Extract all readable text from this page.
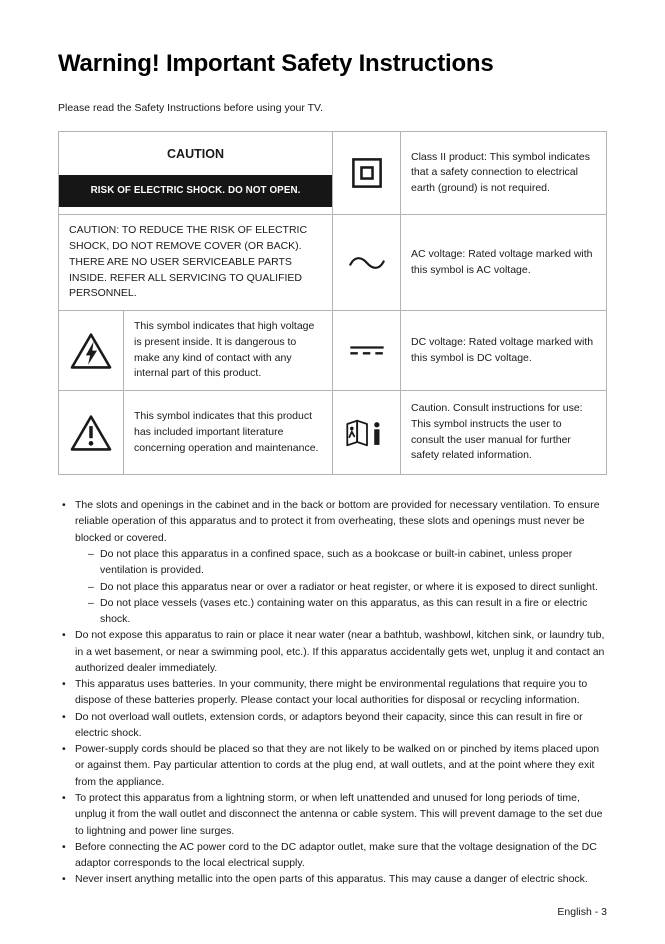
Warning! Important Safety Instructions

Please read the Safety Instructions before using your TV.

CAUTION
RISK OF ELECTRIC SHOCK. DO NOT OPEN.			Class II product: This symbol indicates that a safety connection to electrical earth (ground) is not required.
CAUTION: TO REDUCE THE RISK OF ELECTRIC SHOCK, DO NOT REMOVE COVER (OR BACK). THERE ARE NO USER SERVICEABLE PARTS INSIDE. REFER ALL SERVICING TO QUALIFIED PERSONNEL.			AC voltage: Rated voltage marked with this symbol is AC voltage.
	This symbol indicates that high voltage is present inside. It is dangerous to make any kind of contact with any internal part of this product.		DC voltage: Rated voltage marked with this symbol is DC voltage.
	This symbol indicates that this product has included important literature concerning operation and maintenance.		Caution. Consult instructions for use: This symbol instructs the user to consult the user manual for further safety related information.
• The slots and openings in the cabinet and in the back or bottom are provided for necessary ventilation. To ensure reliable operation of this apparatus and to protect it from overheating, these slots and openings must never be blocked or covered.
– Do not place this apparatus in a confined space, such as a bookcase or built-in cabinet, unless proper ventilation is provided.
– Do not place this apparatus near or over a radiator or heat register, or where it is exposed to direct sunlight.
– Do not place vessels (vases etc.) containing water on this apparatus, as this can result in a fire or electric shock.
• Do not expose this apparatus to rain or place it near water (near a bathtub, washbowl, kitchen sink, or laundry tub, in a wet basement, or near a swimming pool, etc.). If this apparatus accidentally gets wet, unplug it and contact an authorized dealer immediately.
• This apparatus uses batteries. In your community, there might be environmental regulations that require you to dispose of these batteries properly. Please contact your local authorities for disposal or recycling information.
• Do not overload wall outlets, extension cords, or adaptors beyond their capacity, since this can result in fire or electric shock.
• Power-supply cords should be placed so that they are not likely to be walked on or pinched by items placed upon or against them. Pay particular attention to cords at the plug end, at wall outlets, and at the point where they exit from the appliance.
• To protect this apparatus from a lightning storm, or when left unattended and unused for long periods of time, unplug it from the wall outlet and disconnect the antenna or cable system. This will prevent damage to the set due to lightning and power line surges.
• Before connecting the AC power cord to the DC adaptor outlet, make sure that the voltage designation of the DC adaptor corresponds to the local electrical supply.
• Never insert anything metallic into the open parts of this apparatus. This may cause a danger of electric shock.
English - 3
